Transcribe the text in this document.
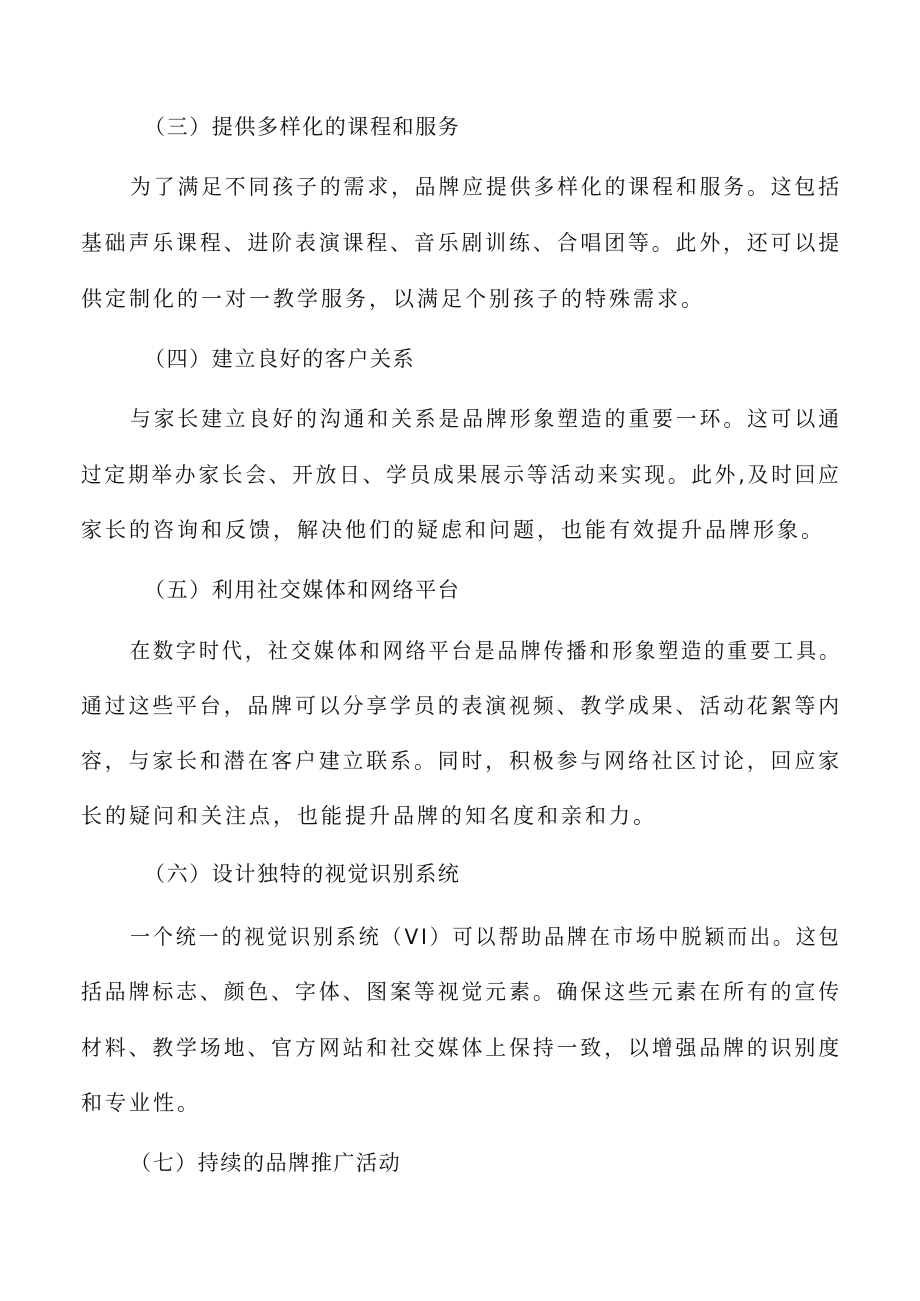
（三）提供多样化的课程和服务
为了满足不同孩子的需求，品牌应提供多样化的课程和服务。这包括
基础声乐课程、进阶表演课程、音乐剧训练、合唱团等。此外，还可以提
供定制化的一对一教学服务，以满足个别孩子的特殊需求。
（四）建立良好的客户关系
与家长建立良好的沟通和关系是品牌形象塑造的重要一环。这可以通
过定期举办家长会、开放日、学员成果展示等活动来实现。此外,及时回应
家长的咨询和反馈，解决他们的疑虑和问题，也能有效提升品牌形象。
（五）利用社交媒体和网络平台
在数字时代，社交媒体和网络平台是品牌传播和形象塑造的重要工具。
通过这些平台，品牌可以分享学员的表演视频、教学成果、活动花絮等内
容，与家长和潜在客户建立联系。同时，积极参与网络社区讨论，回应家
长的疑问和关注点，也能提升品牌的知名度和亲和力。
（六）设计独特的视觉识别系统
一个统一的视觉识别系统（VI）可以帮助品牌在市场中脱颖而出。这包
括品牌标志、颜色、字体、图案等视觉元素。确保这些元素在所有的宣传
材料、教学场地、官方网站和社交媒体上保持一致，以增强品牌的识别度
和专业性。
（七）持续的品牌推广活动
